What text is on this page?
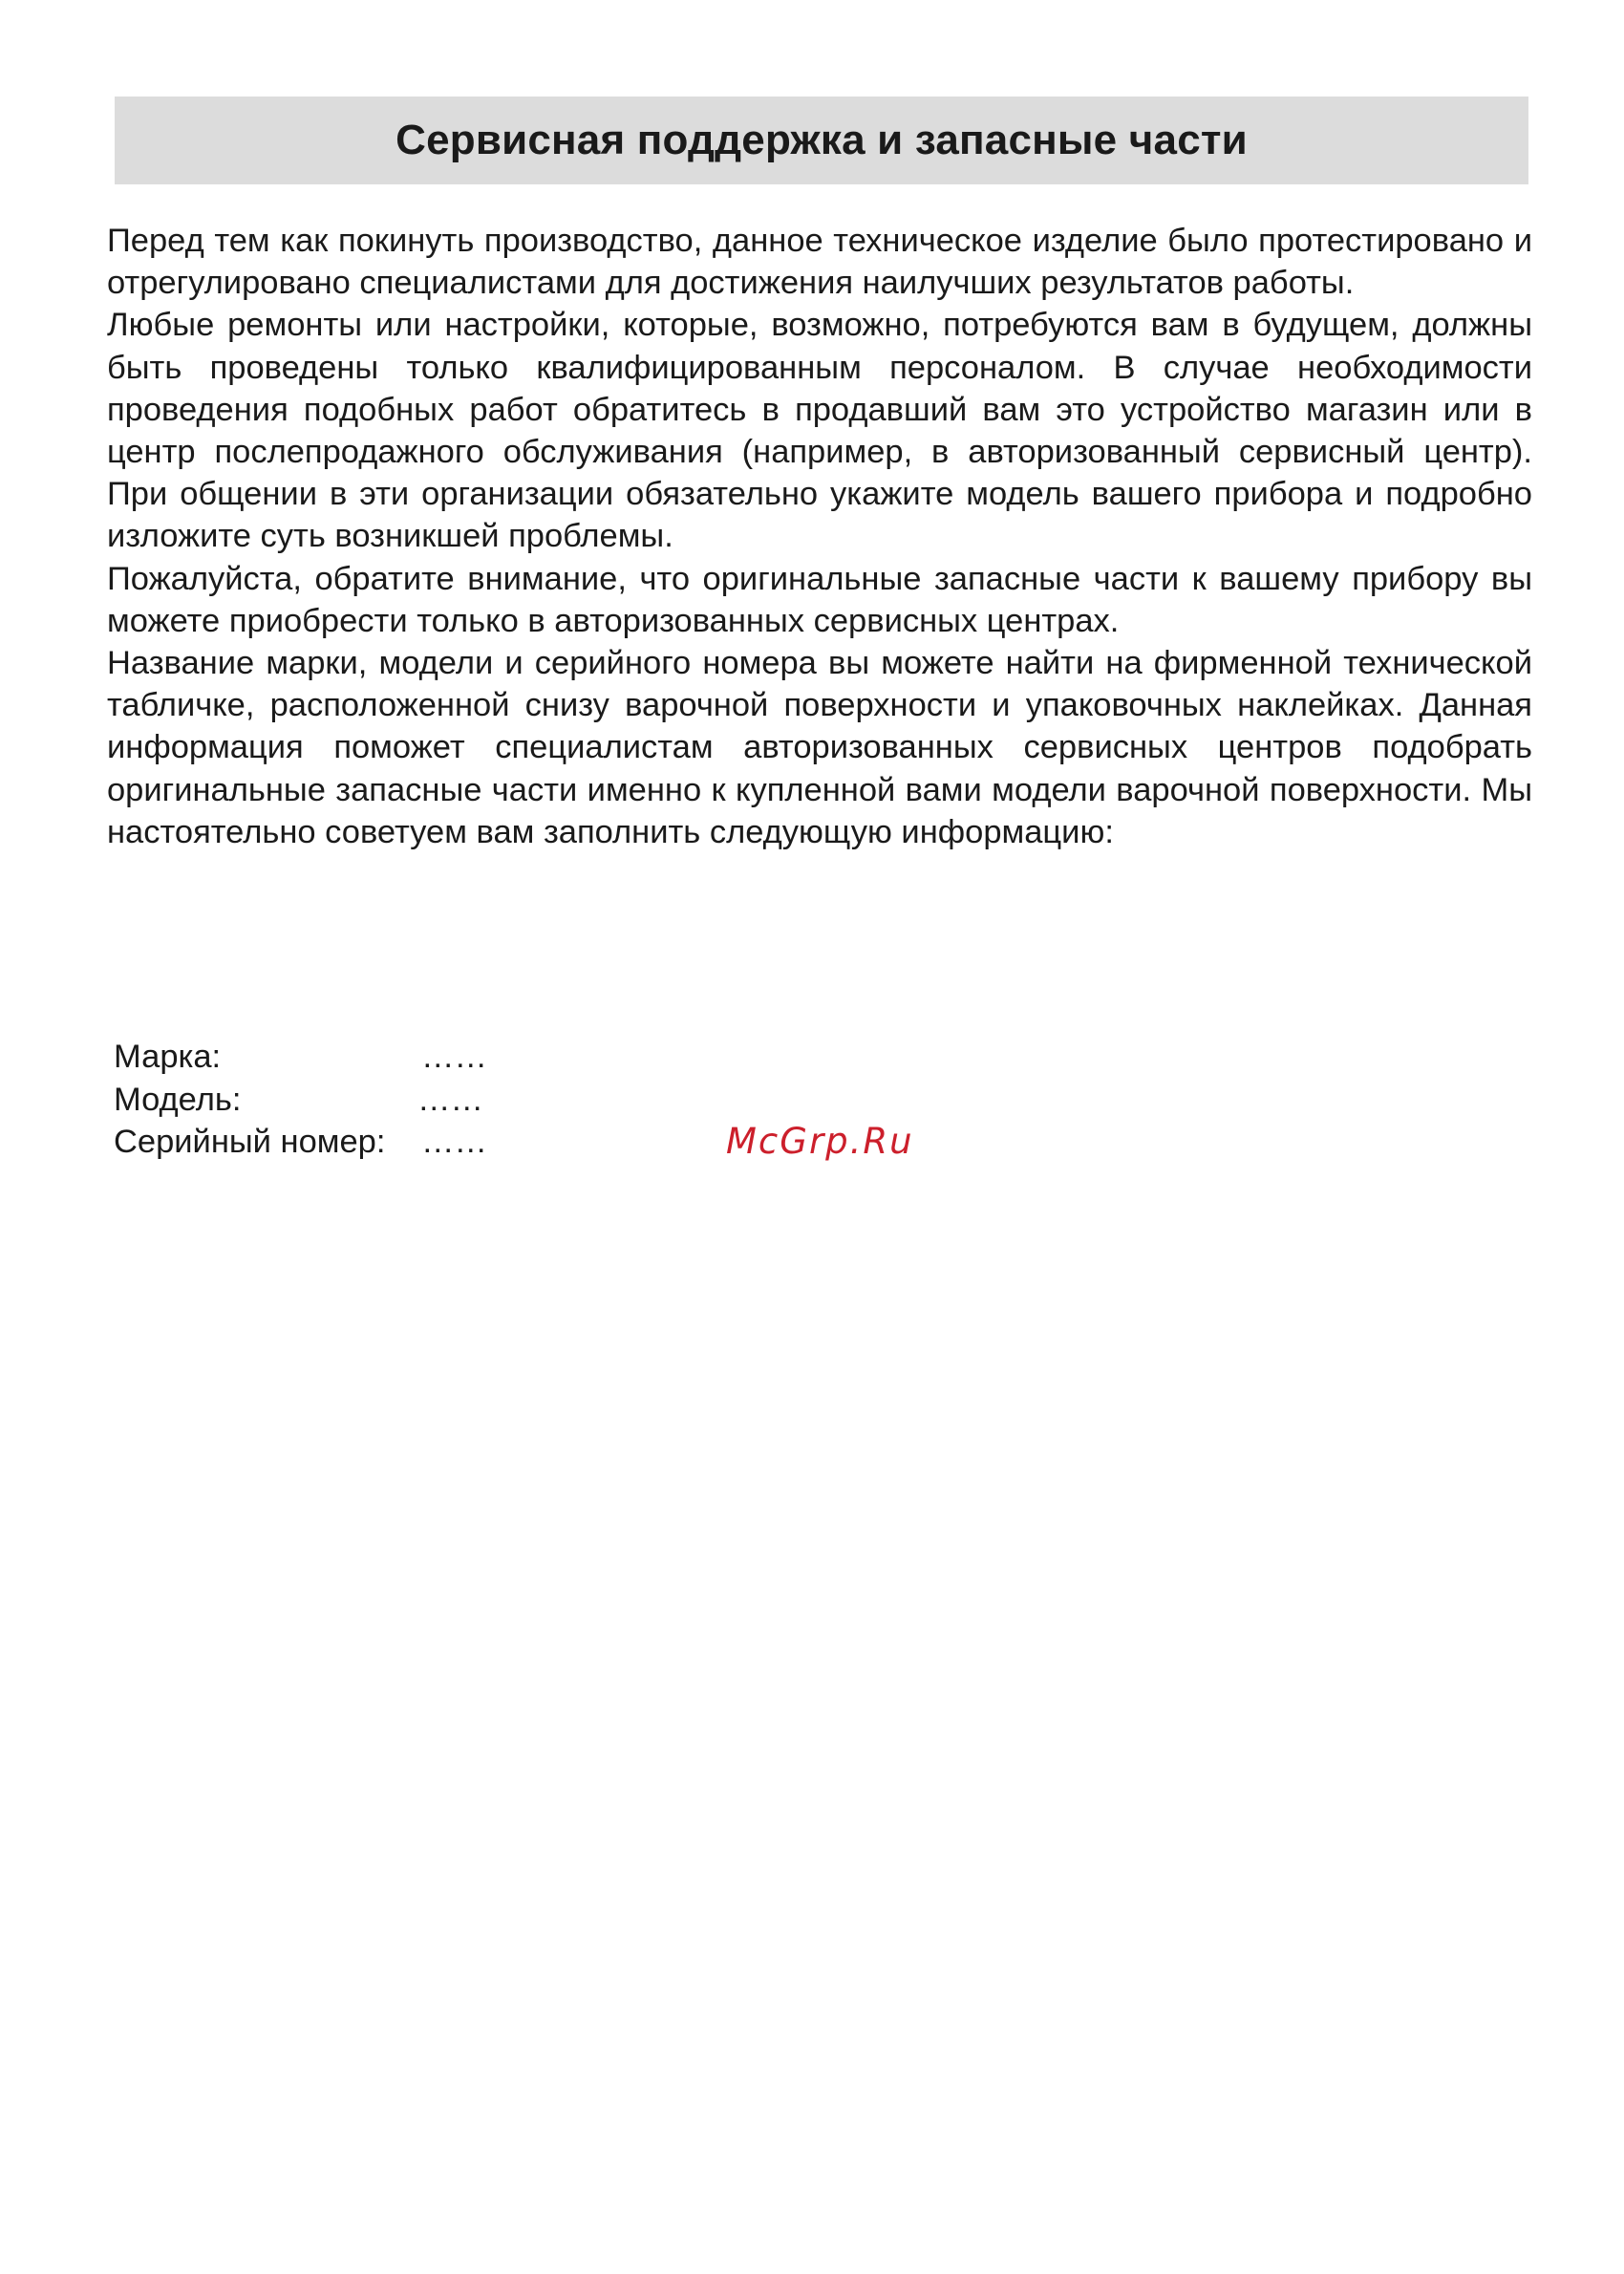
Сервисная поддержка и запасные части

Перед тем как покинуть производство, данное техническое изделие было протестировано и отрегулировано специалистами для достижения наилучших результатов работы.

Любые ремонты или настройки, которые, возможно, потребуются вам в будущем, должны быть проведены только квалифицированным персоналом. В случае необходимости проведения подобных работ обратитесь в продавший вам это устройство магазин или в центр послепродажного обслуживания (например, в авторизованный сервисный центр). При общении в эти организации обязательно укажите модель вашего прибора и подробно изложите суть возникшей проблемы.

Пожалуйста, обратите внимание, что оригинальные запасные части к вашему прибору вы можете приобрести только в авторизованных сервисных центрах.

Название марки, модели и серийного номера вы можете найти на фирменной технической табличке, расположенной снизу варочной поверхности и упаковочных наклейках. Данная информация поможет специалистам авторизованных сервисных центров подобрать оригинальные запасные части именно к купленной вами модели варочной поверхности. Мы настоятельно советуем вам заполнить следующую информацию:

Марка:	……
Модель:	……
Серийный номер:	……	McGrp.Ru
